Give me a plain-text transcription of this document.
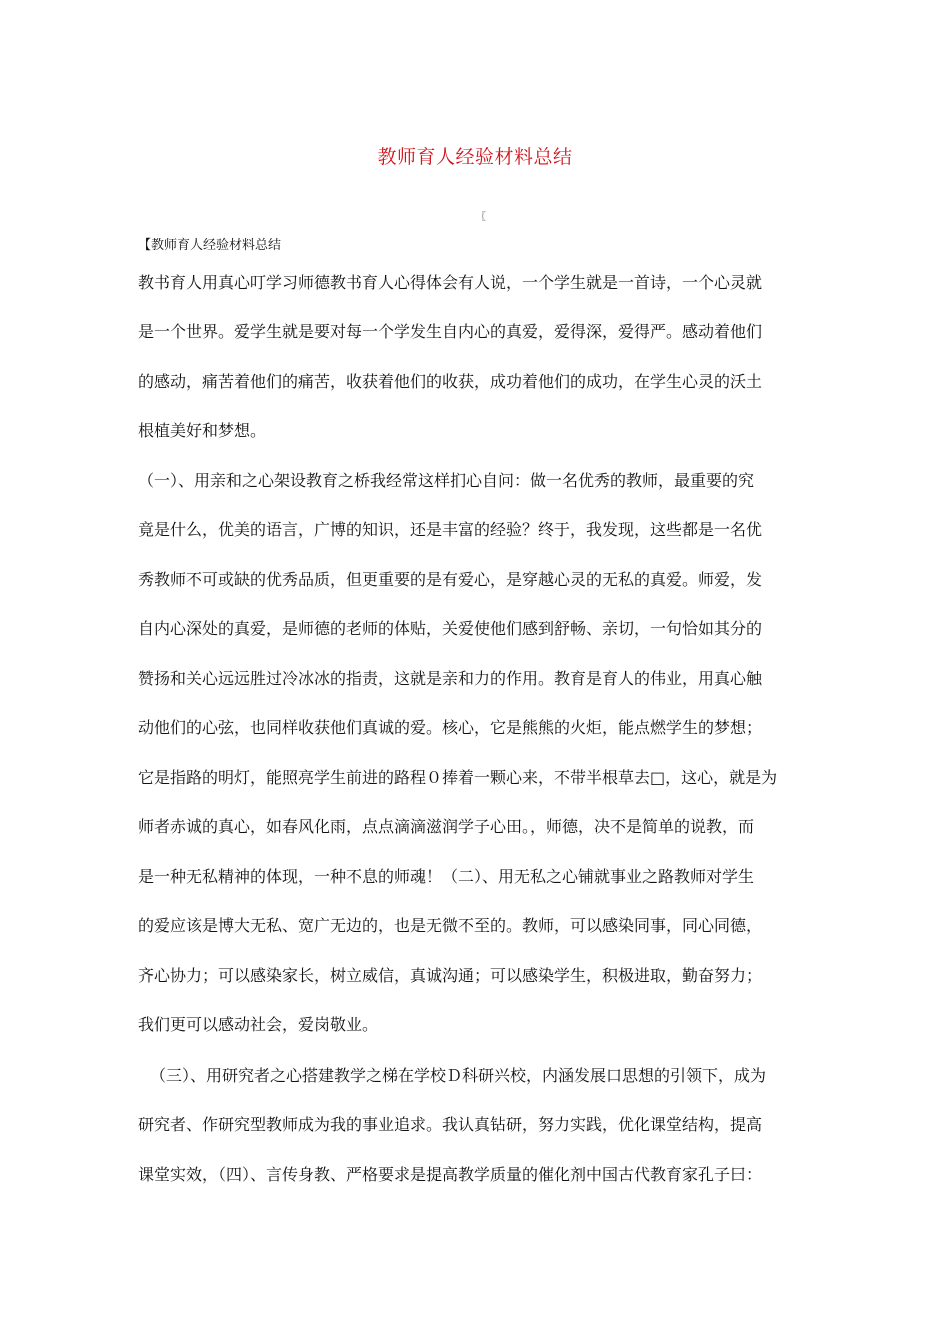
教师育人经验材料总结
〖
【教师育人经验材料总结
教书育人用真心叮学习师德教书育人心得体会有人说，一个学生就是一首诗，一个心灵就
是一个世界。爱学生就是要对每一个学发生自内心的真爱，爱得深，爱得严。感动着他们
的感动，痛苦着他们的痛苦，收获着他们的收获，成功着他们的成功，在学生心灵的沃土
根植美好和梦想。
（一）、用亲和之心架设教育之桥我经常这样扪心自问：做一名优秀的教师，最重要的究
竟是什么，优美的语言，广博的知识，还是丰富的经验？终于，我发现，这些都是一名优
秀教师不可或缺的优秀品质，但更重要的是有爱心，是穿越心灵的无私的真爱。师爱，发
自内心深处的真爱，是师德的老师的体贴，关爱使他们感到舒畅、亲切，一句恰如其分的
赞扬和关心远远胜过冷冰冰的指责，这就是亲和力的作用。教育是育人的伟业，用真心触
动他们的心弦，也同样收获他们真诚的爱。核心，它是熊熊的火炬，能点燃学生的梦想；
它是指路的明灯，能照亮学生前进的路程０捧着一颗心来，不带半根草去□，这心，就是为
师者赤诚的真心，如春风化雨，点点滴滴滋润学子心田。，师德，决不是简单的说教，而
是一种无私精神的体现，一种不息的师魂！（二）、用无私之心铺就事业之路教师对学生
的爱应该是博大无私、宽广无边的，也是无微不至的。教师，可以感染同事，同心同德，
齐心协力；可以感染家长，树立威信，真诚沟通；可以感染学生，积极进取，勤奋努力；
我们更可以感动社会，爱岗敬业。
（三）、用研究者之心搭建教学之梯在学校Ｄ科研兴校，内涵发展口思想的引领下，成为
研究者、作研究型教师成为我的事业追求。我认真钻研，努力实践，优化课堂结构，提高
课堂实效，（四）、言传身教、严格要求是提高教学质量的催化剂中国古代教育家孔子曰：
